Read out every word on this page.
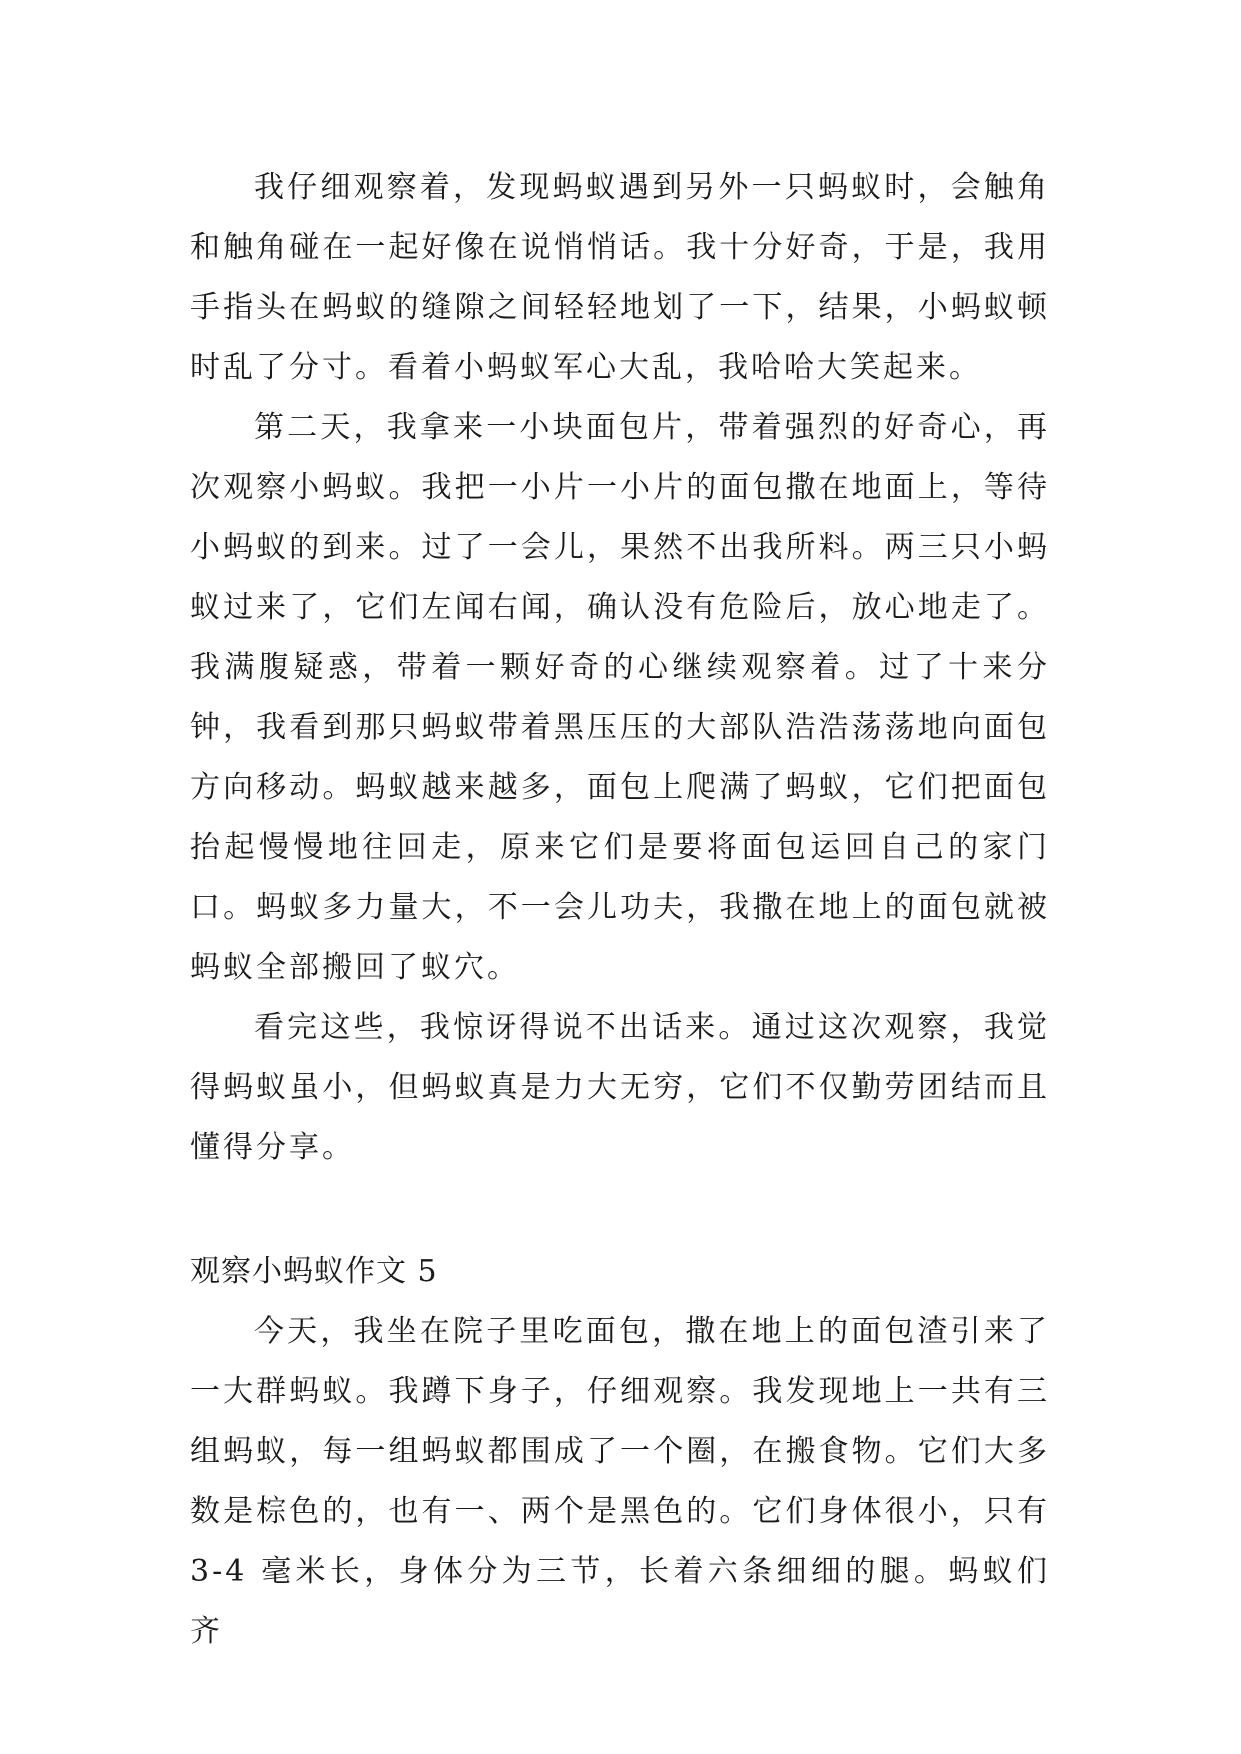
我仔细观察着，发现蚂蚁遇到另外一只蚂蚁时，会触角和触角碰在一起好像在说悄悄话。我十分好奇，于是，我用手指头在蚂蚁的缝隙之间轻轻地划了一下，结果，小蚂蚁顿时乱了分寸。看着小蚂蚁军心大乱，我哈哈大笑起来。

第二天，我拿来一小块面包片，带着强烈的好奇心，再次观察小蚂蚁。我把一小片一小片的面包撒在地面上，等待小蚂蚁的到来。过了一会儿，果然不出我所料。两三只小蚂蚁过来了，它们左闻右闻，确认没有危险后，放心地走了。我满腹疑惑，带着一颗好奇的心继续观察着。过了十来分钟，我看到那只蚂蚁带着黑压压的大部队浩浩荡荡地向面包方向移动。蚂蚁越来越多，面包上爬满了蚂蚁，它们把面包抬起慢慢地往回走，原来它们是要将面包运回自己的家门口。蚂蚁多力量大，不一会儿功夫，我撒在地上的面包就被蚂蚁全部搬回了蚁穴。

看完这些，我惊讶得说不出话来。通过这次观察，我觉得蚂蚁虽小，但蚂蚁真是力大无穷，它们不仅勤劳团结而且懂得分享。

观察小蚂蚁作文 5

今天，我坐在院子里吃面包，撒在地上的面包渣引来了一大群蚂蚁。我蹲下身子，仔细观察。我发现地上一共有三组蚂蚁，每一组蚂蚁都围成了一个圈，在搬食物。它们大多数是棕色的，也有一、两个是黑色的。它们身体很小，只有 3-4 毫米长，身体分为三节，长着六条细细的腿。蚂蚁们齐
